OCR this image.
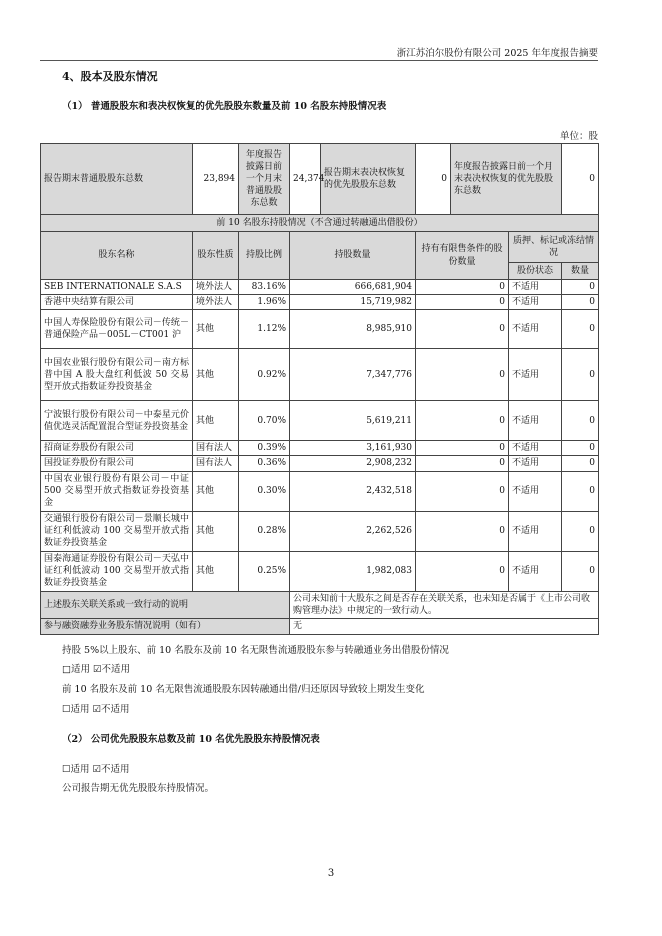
浙江苏泊尔股份有限公司 2025 年年度报告摘要
4、股本及股东情况
（1） 普通股股东和表决权恢复的优先股股东数量及前 10 名股东持股情况表
单位：股
报告期末普通股股东总数	23,894	年度报告披露日前一个月末普通股股东总数	24,374	报告期末表决权恢复的优先股股东总数	0	年度报告披露日前一个月末表决权恢复的优先股股东总数		0
前 10 名股东持股情况（不含通过转融通出借股份）								
股东名称	股东性质	持股比例	持股数量		持有有限售条件的股份数量		质押、标记或冻结情况	
							股份状态	数量
SEB INTERNATIONALE S.A.S	境外法人	83.16%	666,681,904		0		不适用	0
香港中央结算有限公司	境外法人	1.96%	15,719,982		0		不适用	0
中国人寿保险股份有限公司－传统－普通保险产品－005L－CT001 沪	其他	1.12%	8,985,910		0		不适用	0
中国农业银行股份有限公司－南方标普中国 A 股大盘红利低波 50 交易型开放式指数证券投资基金	其他	0.92%	7,347,776		0		不适用	0
宁波银行股份有限公司－中泰星元价值优选灵活配置混合型证券投资基金	其他	0.70%	5,619,211		0		不适用	0
招商证券股份有限公司	国有法人	0.39%	3,161,930		0		不适用	0
国投证券股份有限公司	国有法人	0.36%	2,908,232		0		不适用	0
中国农业银行股份有限公司－中证 500 交易型开放式指数证券投资基金	其他	0.30%	2,432,518		0		不适用	0
交通银行股份有限公司－景顺长城中证红利低波动 100 交易型开放式指数证券投资基金	其他	0.28%	2,262,526		0		不适用	0
国泰海通证券股份有限公司－天弘中证红利低波动 100 交易型开放式指数证券投资基金	其他	0.25%	1,982,083		0		不适用	0
上述股东关联关系或一致行动的说明			公司未知前十大股东之间是否存在关联关系，也未知是否属于《上市公司收购管理办法》中规定的一致行动人。					
参与融资融券业务股东情况说明（如有）			无					
持股 5%以上股东、前 10 名股东及前 10 名无限售流通股股东参与转融通业务出借股份情况
□适用 ☑不适用
前 10 名股东及前 10 名无限售流通股股东因转融通出借/归还原因导致较上期发生变化
☐适用 ☑不适用
（2） 公司优先股股东总数及前 10 名优先股股东持股情况表
☐适用 ☑不适用
公司报告期无优先股股东持股情况。
3
